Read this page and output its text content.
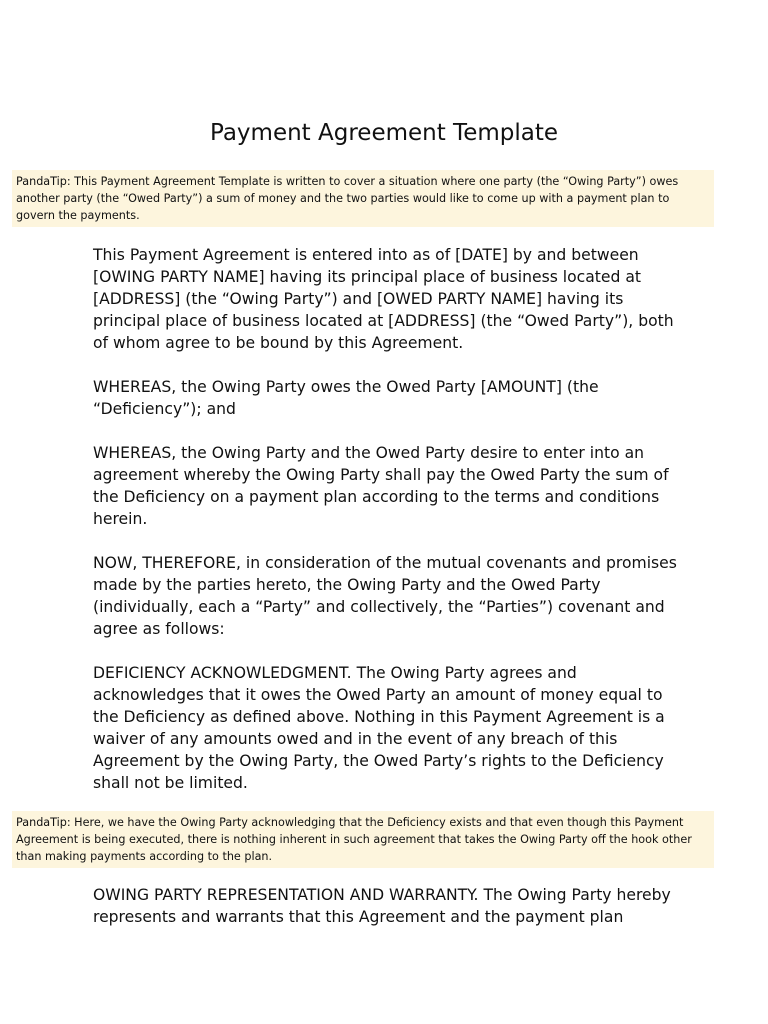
Payment Agreement Template
PandaTip: This Payment Agreement Template is written to cover a situation where one party (the “Owing Party”) owes another party (the “Owed Party”) a sum of money and the two parties would like to come up with a payment plan to govern the payments.

This Payment Agreement is entered into as of [DATE] by and between [OWING PARTY NAME] having its principal place of business located at [ADDRESS] (the “Owing Party”) and [OWED PARTY NAME] having its principal place of business located at [ADDRESS] (the “Owed Party”), both of whom agree to be bound by this Agreement.

WHEREAS, the Owing Party owes the Owed Party [AMOUNT] (the “Deficiency”); and

WHEREAS, the Owing Party and the Owed Party desire to enter into an agreement whereby the Owing Party shall pay the Owed Party the sum of the Deficiency on a payment plan according to the terms and conditions herein.

NOW, THEREFORE, in consideration of the mutual covenants and promises made by the parties hereto, the Owing Party and the Owed Party (individually, each a “Party” and collectively, the “Parties”) covenant and agree as follows:

DEFICIENCY ACKNOWLEDGMENT. The Owing Party agrees and acknowledges that it owes the Owed Party an amount of money equal to the Deficiency as defined above. Nothing in this Payment Agreement is a waiver of any amounts owed and in the event of any breach of this Agreement by the Owing Party, the Owed Party’s rights to the Deficiency shall not be limited.

PandaTip: Here, we have the Owing Party acknowledging that the Deficiency exists and that even though this Payment Agreement is being executed, there is nothing inherent in such agreement that takes the Owing Party off the hook other than making payments according to the plan.

OWING PARTY REPRESENTATION AND WARRANTY. The Owing Party hereby represents and warrants that this Agreement and the payment plan
